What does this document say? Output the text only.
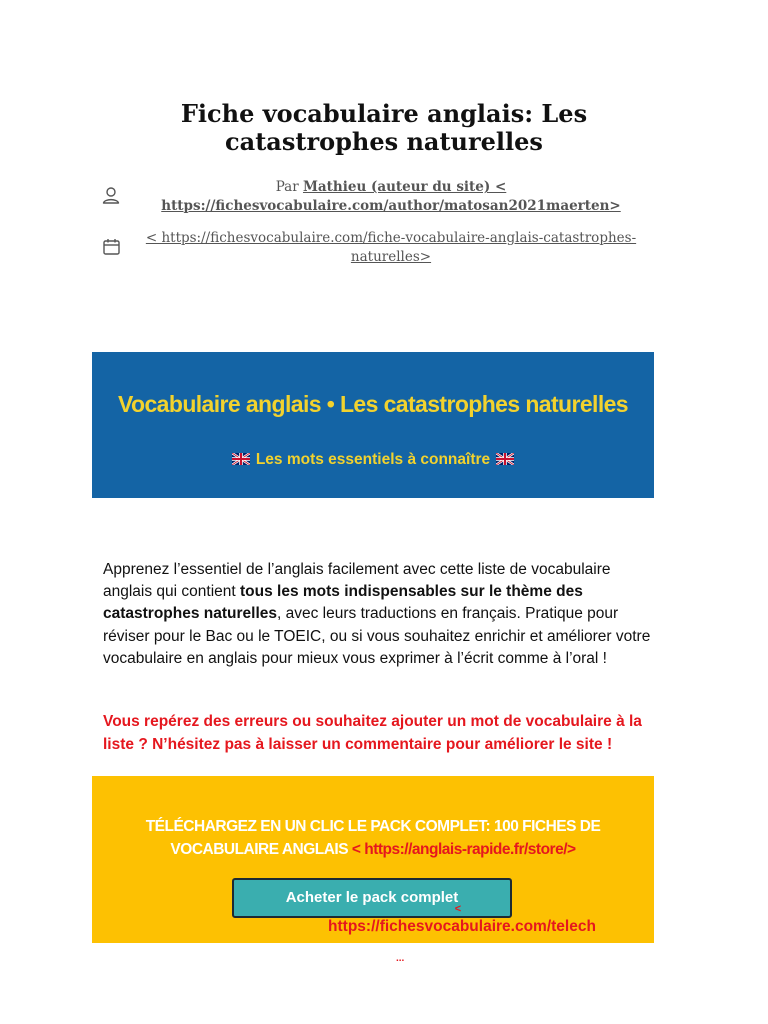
Fiche vocabulaire anglais: Les catastrophes naturelles
Par Mathieu (auteur du site) < https://fichesvocabulaire.com/author/matosan2021maerten>
< https://fichesvocabulaire.com/fiche-vocabulaire-anglais-catastrophes-naturelles>
Vocabulaire anglais • Les catastrophes naturelles
Les mots essentiels à connaître

Apprenez l’essentiel de l’anglais facilement avec cette liste de vocabulaire anglais qui contient tous les mots indispensables sur le thème des catastrophes naturelles, avec leurs traductions en français. Pratique pour réviser pour le Bac ou le TOEIC, ou si vous souhaitez enrichir et améliorer votre vocabulaire en anglais pour mieux vous exprimer à l’écrit comme à l’oral !

Vous repérez des erreurs ou souhaitez ajouter un mot de vocabulaire à la liste ? N’hésitez pas à laisser un commentaire pour améliorer le site !

TÉLÉCHARGEZ EN UN CLIC LE PACK COMPLET: 100 FICHES DE VOCABULAIRE ANGLAIS < https://anglais-rapide.fr/store/>
Acheter le pack complet
<
https://fichesvocabulaire.com/telech
...
